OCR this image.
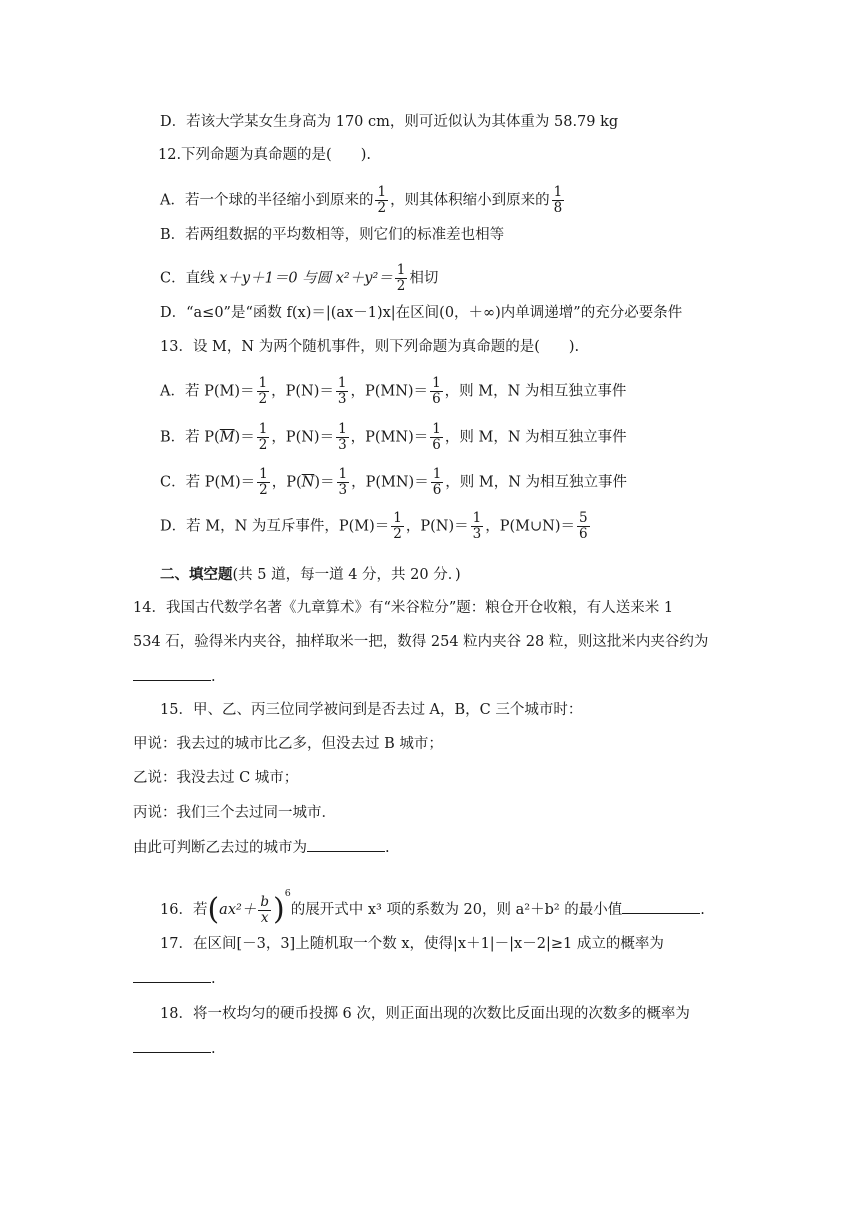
D．若该大学某女生身高为 170 cm，则可近似认为其体重为 58.79 kg
12.下列命题为真命题的是(　　).
A．若一个球的半径缩小到原来的 $\frac{1}{2}$ ，则其体积缩小到原来的 $\frac{1}{8}$
B．若两组数据的平均数相等，则它们的标准差也相等
C．直线 x＋y＋1＝0 与圆 $x^2+y^2= \frac{1}{2}$ 相切
D．“a≤0”是“函数 f(x)＝|(ax－1)x|在区间(0，＋∞)内单调递增”的充分必要条件
13．设 M，N 为两个随机事件，则下列命题为真命题的是(　　).
A．若 $P(M)= \frac{1}{2}$ ，$P(N)= \frac{1}{3}$ ，$P(MN)= \frac{1}{6}$ ，则 M，N 为相互独立事件
B．若 $P(\overline{M})= \frac{1}{2}$ ，$P(N)= \frac{1}{3}$ ，$P(MN)= \frac{1}{6}$ ，则 M，N 为相互独立事件
C．若 $P(M)= \frac{1}{2}$ ，$P(\overline{N})= \frac{1}{3}$ ，$P(MN)= \frac{1}{6}$ ，则 M，N 为相互独立事件
D．若 M，N 为互斥事件，$P(M)= \frac{1}{2}$ ，$P(N)= \frac{1}{3}$ ，P(M∪N)＝ $\frac{5}{6}$
二、填空题(共 5 道，每一道 4 分，共 20 分．)
14．我国古代数学名著《九章算术》有“米谷粒分”题：粮仓开仓收粮，有人送来米 1
534 石，验得米内夹谷，抽样取米一把，数得 254 粒内夹谷 28 粒，则这批米内夹谷约为
.
15．甲、乙、丙三位同学被问到是否去过 A，B，C 三个城市时：
甲说：我去过的城市比乙多，但没去过 B 城市；
乙说：我没去过 C 城市；
丙说：我们三个去过同一城市．
由此可判断乙去过的城市为	.
16．若$(ax^2+ \frac{b}{x} )^6$的展开式中 x³ 项的系数为 20，则 a²＋b² 的最小值	.
17．在区间[－3，3]上随机取一个数 x，使得|x＋1|－|x－2|≥1 成立的概率为
.
18．将一枚均匀的硬币投掷 6 次，则正面出现的次数比反面出现的次数多的概率为
.
